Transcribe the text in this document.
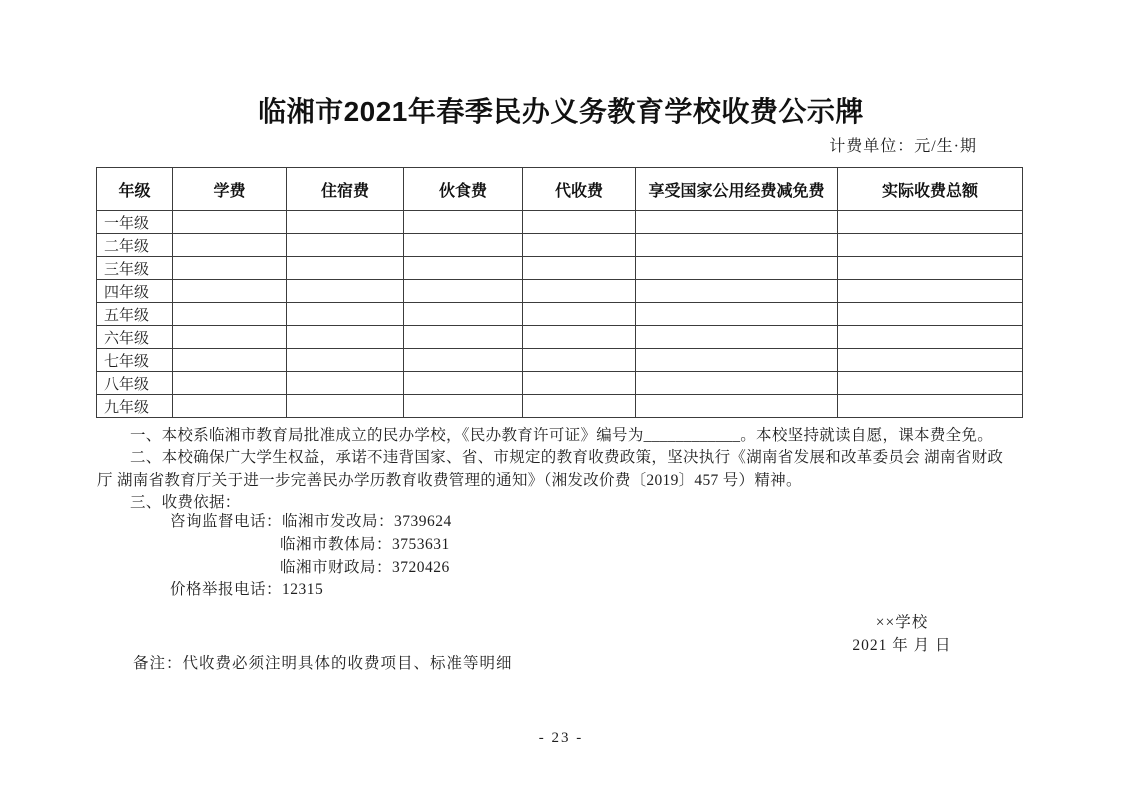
临湘市2021年春季民办义务教育学校收费公示牌
计费单位：元/生·期
年级	学费	住宿费	伙食费	代收费	享受国家公用经费减免费	实际收费总额
一年级						
二年级						
三年级						
四年级						
五年级						
六年级						
七年级						
八年级						
九年级						
一、本校系临湘市教育局批准成立的民办学校，《民办教育许可证》编号为____________。本校坚持就读自愿，课本费全免。
二、本校确保广大学生权益，承诺不违背国家、省、市规定的教育收费政策，坚决执行《湖南省发展和改革委员会 湖南省财政
厅 湖南省教育厅关于进一步完善民办学历教育收费管理的通知》（湘发改价费〔2019〕457 号）精神。
三、收费依据：
咨询监督电话：临湘市发改局：3739624
临湘市教体局：3753631
临湘市财政局：3720426
价格举报电话：12315
××学校
2021 年 月 日
备注：代收费必须注明具体的收费项目、标准等明细
- 23 -
